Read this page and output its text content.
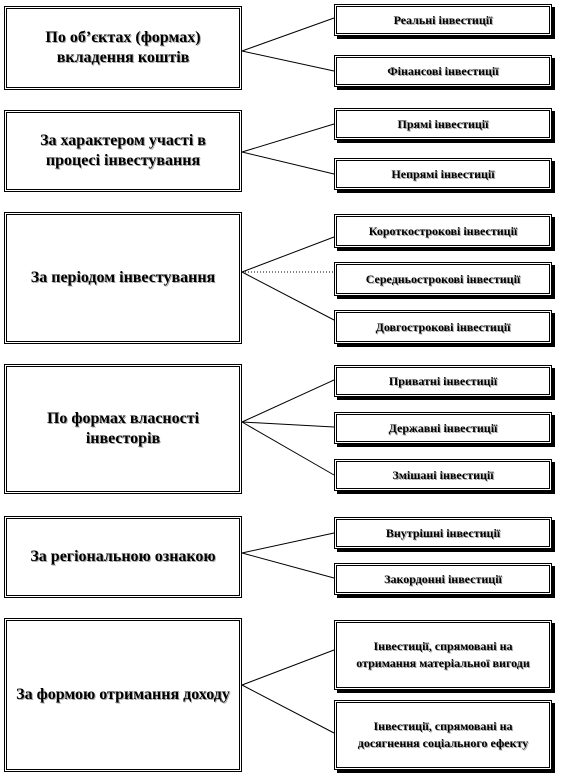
По об’єктах (формах) вкладення коштів
Реальні інвестиції
Фінансові інвестиції
За характером участі в процесі інвестування
Прямі інвестиції
Непрямі інвестиції
За періодом інвестування
Короткострокові інвестиції
Середньострокові інвестиції
Довгострокові інвестиції
По формах власності інвесторів
Приватні інвестиції
Державні інвестиції
Змішані інвестиції
За регіональною ознакою
Внутрішні інвестиції
Закордонні інвестиції
За формою отримання доходу
Інвестиції, спрямовані на отримання матеріальної вигоди
Інвестиції, спрямовані на досягнення соціального ефекту
